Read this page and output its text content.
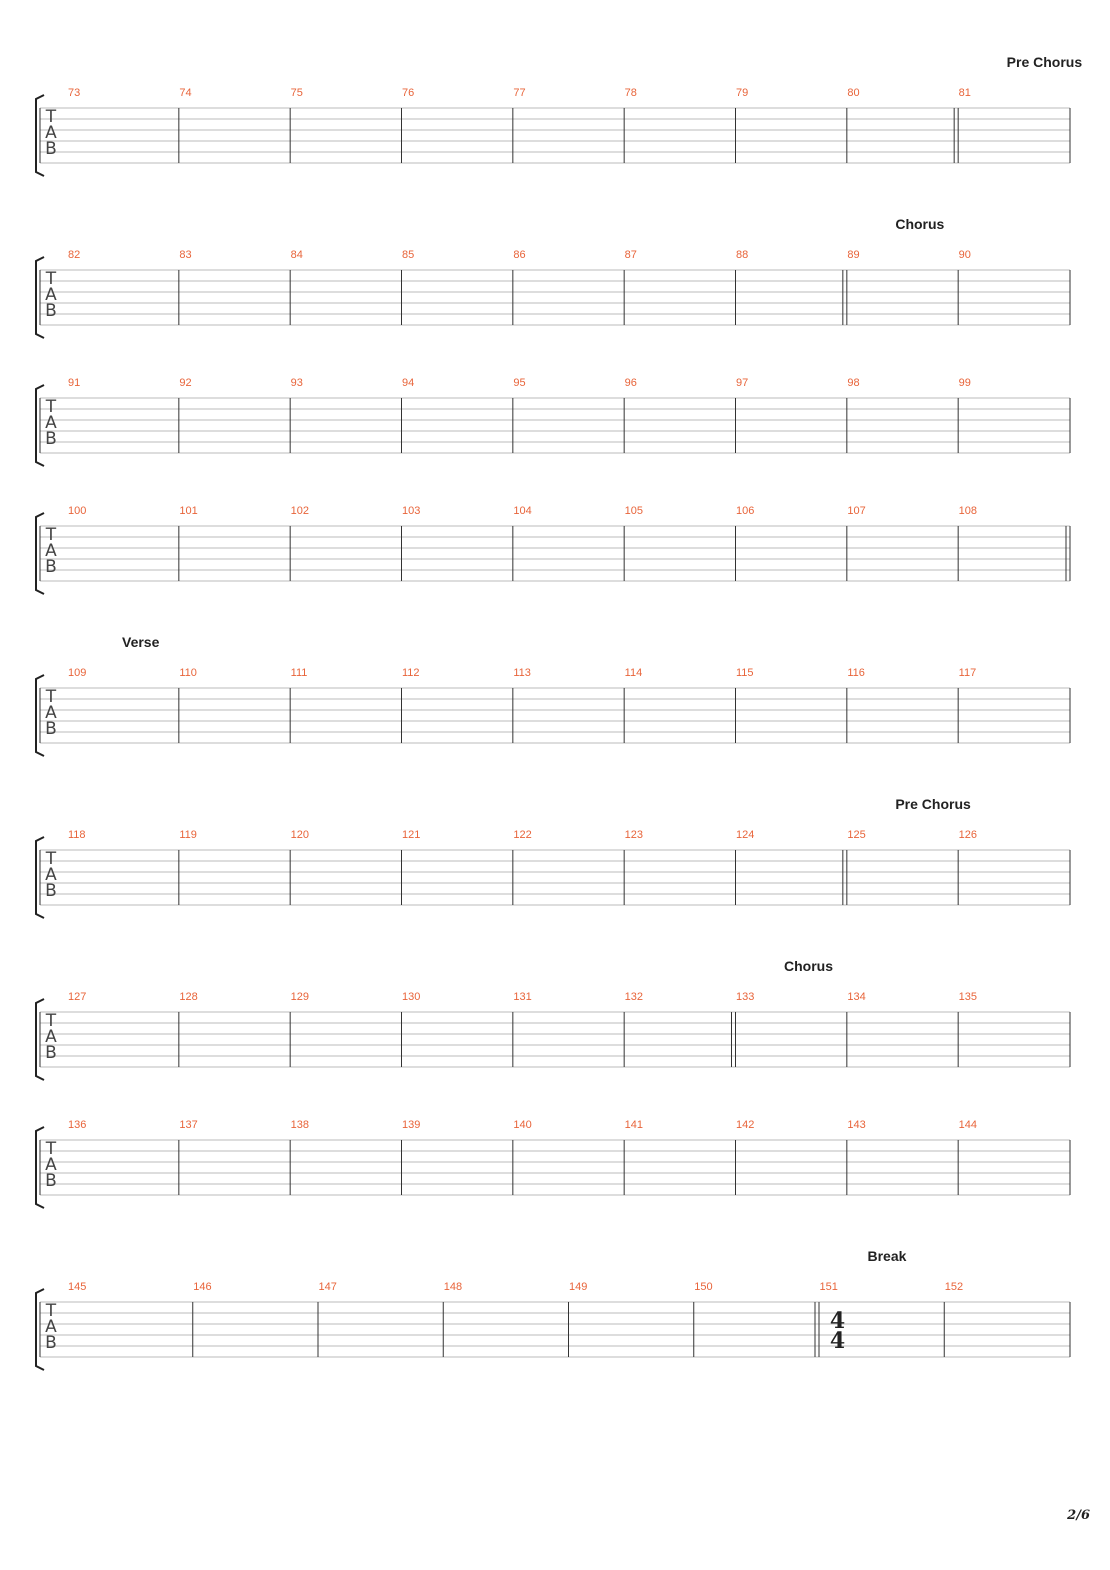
T
A
B
73	74	75	76	77	78	79	80	81
Pre Chorus
T
A
B
82	83	84	85	86	87	88	89	90
Chorus
T
A
B
91	92	93	94	95	96	97	98	99
T
A
B
100	101	102	103	104	105	106	107	108
T
A
B
109	110	111	112	113	114	115	116	117
Verse
T
A
B
118	119	120	121	122	123	124	125	126
Pre Chorus
T
A
B
127	128	129	130	131	132	133	134	135
Chorus
T
A
B
136	137	138	139	140	141	142	143	144
T
A
B
145	146	147	148	149	150	151	152
Break
4
4
2/6
